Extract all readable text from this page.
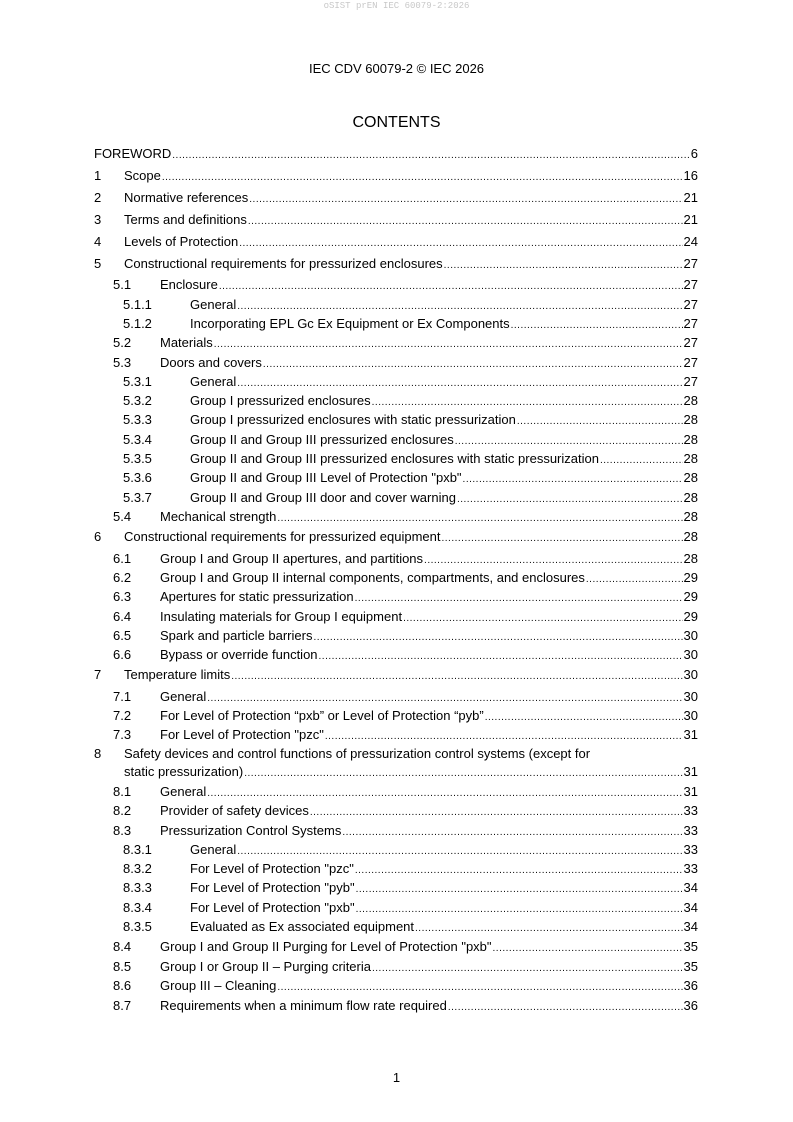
oSIST prEN IEC 60079-2:2026
IEC CDV 60079-2 © IEC 2026
CONTENTS
FOREWORD .....	6
1	Scope .....	16
2	Normative references .....	21
3	Terms and definitions .....	21
4	Levels of Protection .....	24
5	Constructional requirements for pressurized enclosures .....	27
5.1	Enclosure .....	27
5.1.1	General .....	27
5.1.2	Incorporating EPL Gc Ex Equipment or Ex Components .....	27
5.2	Materials .....	27
5.3	Doors and covers .....	27
5.3.1	General .....	27
5.3.2	Group I pressurized enclosures .....	28
5.3.3	Group I pressurized enclosures with static pressurization .....	28
5.3.4	Group II and Group III pressurized enclosures .....	28
5.3.5	Group II and Group III pressurized enclosures with static pressurization .....	28
5.3.6	Group II and Group III Level of Protection "pxb" .....	28
5.3.7	Group II and Group III door and cover warning .....	28
5.4	Mechanical strength .....	28
6	Constructional requirements for pressurized equipment .....	28
6.1	Group I and Group II apertures, and partitions .....	28
6.2	Group I and Group II internal components, compartments, and enclosures .....	29
6.3	Apertures for static pressurization .....	29
6.4	Insulating materials for Group I equipment .....	29
6.5	Spark and particle barriers .....	30
6.6	Bypass or override function .....	30
7	Temperature limits .....	30
7.1	General .....	30
7.2	For Level of Protection “pxb” or Level of Protection “pyb” .....	30
7.3	For Level of Protection "pzc" .....	31
8	Safety devices and control functions of pressurization control systems (except for
static pressurization) .....	31
8.1	General .....	31
8.2	Provider of safety devices .....	33
8.3	Pressurization Control Systems .....	33
8.3.1	General .....	33
8.3.2	For Level of Protection "pzc" .....	33
8.3.3	For Level of Protection "pyb" .....	34
8.3.4	For Level of Protection "pxb" .....	34
8.3.5	Evaluated as Ex associated equipment .....	34
8.4	Group I and Group II Purging for Level of Protection "pxb" .....	35
8.5	Group I or Group II – Purging criteria .....	35
8.6	Group III – Cleaning .....	36
8.7	Requirements when a minimum flow rate required .....	36
1
